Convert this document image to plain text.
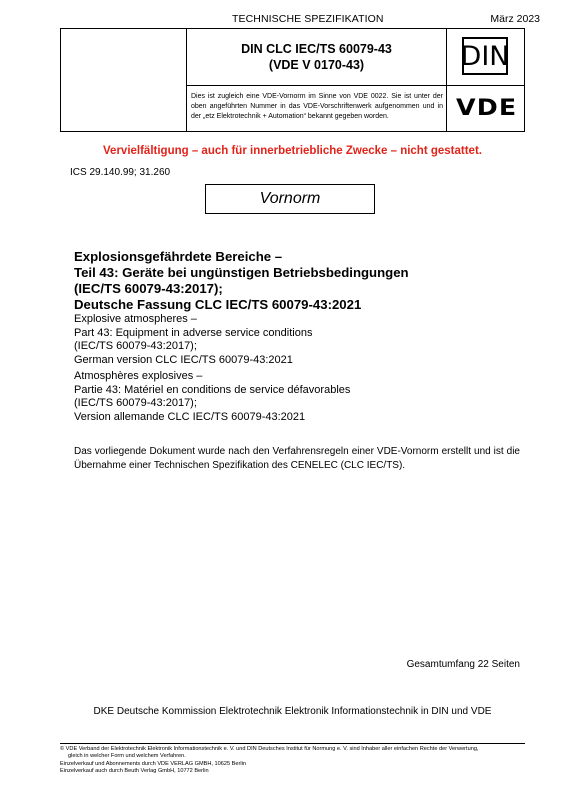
TECHNISCHE SPEZIFIKATION	März 2023
DIN CLC IEC/TS 60079-43
(VDE V 0170-43)	DIN
Dies ist zugleich eine VDE-Vornorm im Sinne von VDE 0022. Sie ist unter der oben angeführten Nummer in das VDE-Vorschriftenwerk aufgenommen und in der „etz Elektrotechnik + Automation“ bekannt gegeben worden.	VDE
Vervielfältigung – auch für innerbetriebliche Zwecke – nicht gestattet.
ICS 29.140.99; 31.260
Vornorm
Explosionsgefährdete Bereiche –
Teil 43: Geräte bei ungünstigen Betriebsbedingungen
(IEC/TS 60079-43:2017);
Deutsche Fassung CLC IEC/TS 60079-43:2021
Explosive atmospheres –
Part 43: Equipment in adverse service conditions
(IEC/TS 60079-43:2017);
German version CLC IEC/TS 60079-43:2021
Atmosphères explosives –
Partie 43: Matériel en conditions de service défavorables
(IEC/TS 60079-43:2017);
Version allemande CLC IEC/TS 60079-43:2021
Das vorliegende Dokument wurde nach den Verfahrensregeln einer VDE-Vornorm erstellt und ist die Übernahme einer Technischen Spezifikation des CENELEC (CLC IEC/TS).
Gesamtumfang 22 Seiten
DKE Deutsche Kommission Elektrotechnik Elektronik Informationstechnik in DIN und VDE
© VDE Verband der Elektrotechnik Elektronik Informationstechnik e. V. und DIN Deutsches Institut für Normung e. V. sind Inhaber aller einfachen Rechte der Verwertung,
gleich in welcher Form und welchem Verfahren.
Einzelverkauf und Abonnements durch VDE VERLAG GMBH, 10625 Berlin
Einzelverkauf auch durch Beuth Verlag GmbH, 10772 Berlin
